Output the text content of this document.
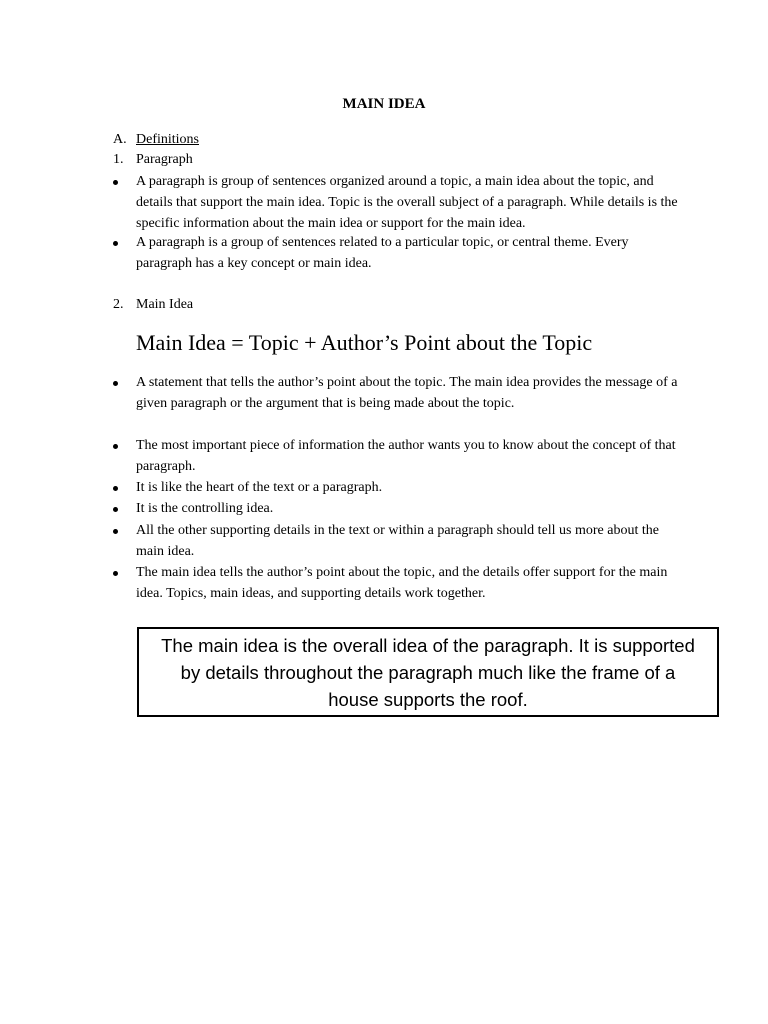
MAIN IDEA
A. Definitions
1. Paragraph
A paragraph is group of sentences organized around a topic, a main idea about the topic, and details that support the main idea. Topic is the overall subject of a paragraph. While details is the specific information about the main idea or support for the main idea.
A paragraph is a group of sentences related to a particular topic, or central theme. Every paragraph has a key concept or main idea.
2. Main Idea
Main Idea = Topic + Author’s Point about the Topic
A statement that tells the author’s point about the topic. The main idea provides the message of a given paragraph or the argument that is being made about the topic.
The most important piece of information the author wants you to know about the concept of that paragraph.
It is like the heart of the text or a paragraph.
It is the controlling idea.
All the other supporting details in the text or within a paragraph should tell us more about the main idea.
The main idea tells the author’s point about the topic, and the details offer support for the main idea. Topics, main ideas, and supporting details work together.
The main idea is the overall idea of the paragraph. It is supported by details throughout the paragraph much like the frame of a house supports the roof.
